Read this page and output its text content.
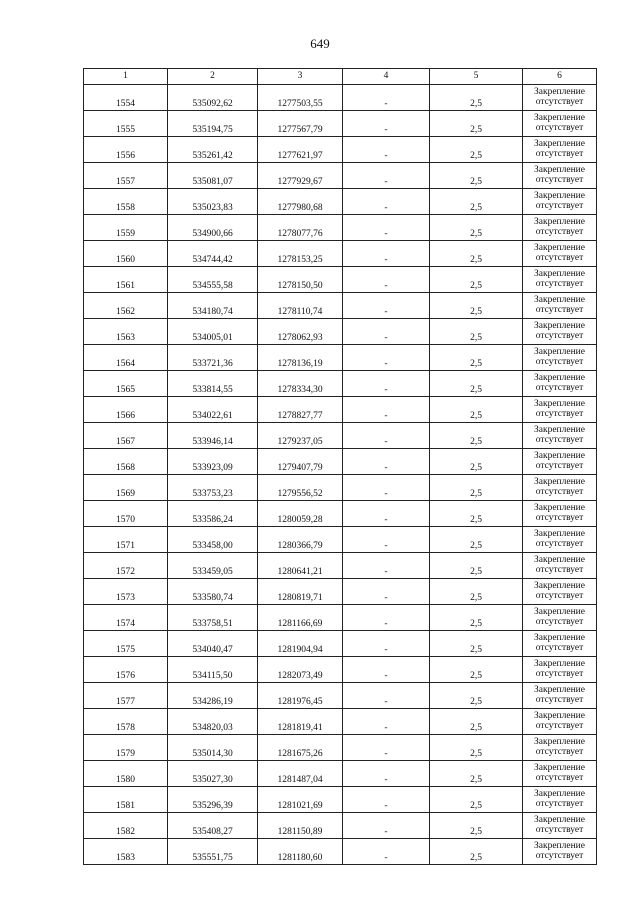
649
1	2	3	4	5	6
1554	535092,62	1277503,55	-	2,5	Закрепление отсутствует
1555	535194,75	1277567,79	-	2,5	Закрепление отсутствует
1556	535261,42	1277621,97	-	2,5	Закрепление отсутствует
1557	535081,07	1277929,67	-	2,5	Закрепление отсутствует
1558	535023,83	1277980,68	-	2,5	Закрепление отсутствует
1559	534900,66	1278077,76	-	2,5	Закрепление отсутствует
1560	534744,42	1278153,25	-	2,5	Закрепление отсутствует
1561	534555,58	1278150,50	-	2,5	Закрепление отсутствует
1562	534180,74	1278110,74	-	2,5	Закрепление отсутствует
1563	534005,01	1278062,93	-	2,5	Закрепление отсутствует
1564	533721,36	1278136,19	-	2,5	Закрепление отсутствует
1565	533814,55	1278334,30	-	2,5	Закрепление отсутствует
1566	534022,61	1278827,77	-	2,5	Закрепление отсутствует
1567	533946,14	1279237,05	-	2,5	Закрепление отсутствует
1568	533923,09	1279407,79	-	2,5	Закрепление отсутствует
1569	533753,23	1279556,52	-	2,5	Закрепление отсутствует
1570	533586,24	1280059,28	-	2,5	Закрепление отсутствует
1571	533458,00	1280366,79	-	2,5	Закрепление отсутствует
1572	533459,05	1280641,21	-	2,5	Закрепление отсутствует
1573	533580,74	1280819,71	-	2,5	Закрепление отсутствует
1574	533758,51	1281166,69	-	2,5	Закрепление отсутствует
1575	534040,47	1281904,94	-	2,5	Закрепление отсутствует
1576	534115,50	1282073,49	-	2,5	Закрепление отсутствует
1577	534286,19	1281976,45	-	2,5	Закрепление отсутствует
1578	534820,03	1281819,41	-	2,5	Закрепление отсутствует
1579	535014,30	1281675,26	-	2,5	Закрепление отсутствует
1580	535027,30	1281487,04	-	2,5	Закрепление отсутствует
1581	535296,39	1281021,69	-	2,5	Закрепление отсутствует
1582	535408,27	1281150,89	-	2,5	Закрепление отсутствует
1583	535551,75	1281180,60	-	2,5	Закрепление отсутствует
